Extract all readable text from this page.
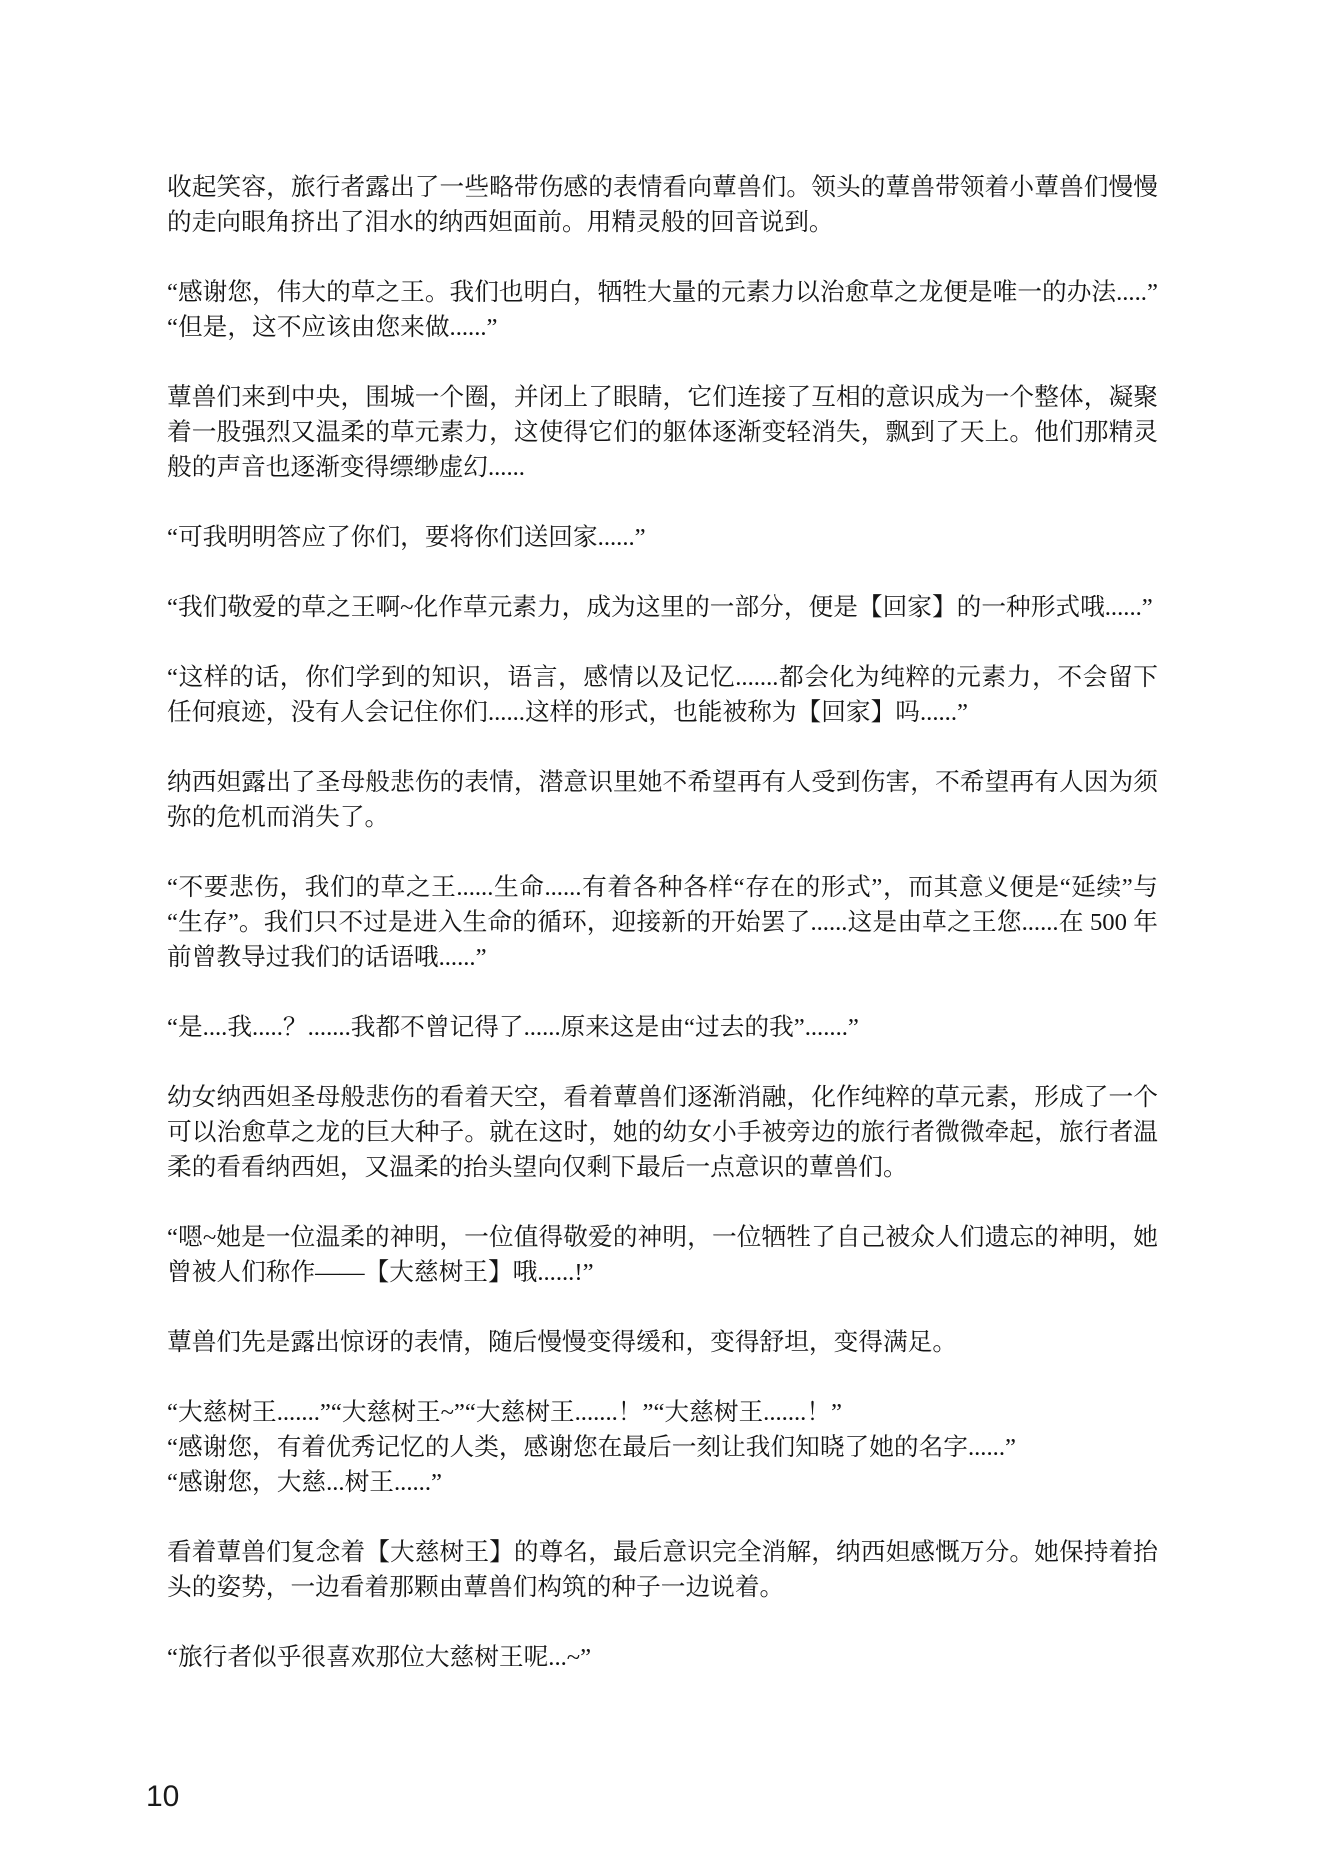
收起笑容，旅行者露出了一些略带伤感的表情看向蕈兽们。领头的蕈兽带领着小蕈兽们慢慢的走向眼角挤出了泪水的纳西妲面前。用精灵般的回音说到。

“感谢您，伟大的草之王。我们也明白，牺牲大量的元素力以治愈草之龙便是唯一的办法.....”

“但是，这不应该由您来做......”

蕈兽们来到中央，围城一个圈，并闭上了眼睛，它们连接了互相的意识成为一个整体，凝聚着一股强烈又温柔的草元素力，这使得它们的躯体逐渐变轻消失，飘到了天上。他们那精灵般的声音也逐渐变得缥缈虚幻......

“可我明明答应了你们，要将你们送回家......”

“我们敬爱的草之王啊~化作草元素力，成为这里的一部分，便是【回家】的一种形式哦......”

“这样的话，你们学到的知识，语言，感情以及记忆.......都会化为纯粹的元素力，不会留下任何痕迹，没有人会记住你们......这样的形式，也能被称为【回家】吗......”

纳西妲露出了圣母般悲伤的表情，潜意识里她不希望再有人受到伤害，不希望再有人因为须弥的危机而消失了。

“不要悲伤，我们的草之王......生命......有着各种各样“存在的形式”，而其意义便是“延续”与“生存”。我们只不过是进入生命的循环，迎接新的开始罢了......这是由草之王您......在 500 年前曾教导过我们的话语哦......”

“是....我.....？.......我都不曾记得了......原来这是由“过去的我”.......”

幼女纳西妲圣母般悲伤的看着天空，看着蕈兽们逐渐消融，化作纯粹的草元素，形成了一个可以治愈草之龙的巨大种子。就在这时，她的幼女小手被旁边的旅行者微微牵起，旅行者温柔的看看纳西妲，又温柔的抬头望向仅剩下最后一点意识的蕈兽们。

“嗯~她是一位温柔的神明，一位值得敬爱的神明，一位牺牲了自己被众人们遗忘的神明，她曾被人们称作——【大慈树王】哦......!”

蕈兽们先是露出惊讶的表情，随后慢慢变得缓和，变得舒坦，变得满足。

“大慈树王.......”“大慈树王~”“大慈树王.......！”“大慈树王.......！”

“感谢您，有着优秀记忆的人类，感谢您在最后一刻让我们知晓了她的名字......”

“感谢您，大慈...树王......”

看着蕈兽们复念着【大慈树王】的尊名，最后意识完全消解，纳西妲感慨万分。她保持着抬头的姿势，一边看着那颗由蕈兽们构筑的种子一边说着。

“旅行者似乎很喜欢那位大慈树王呢...~”

10
